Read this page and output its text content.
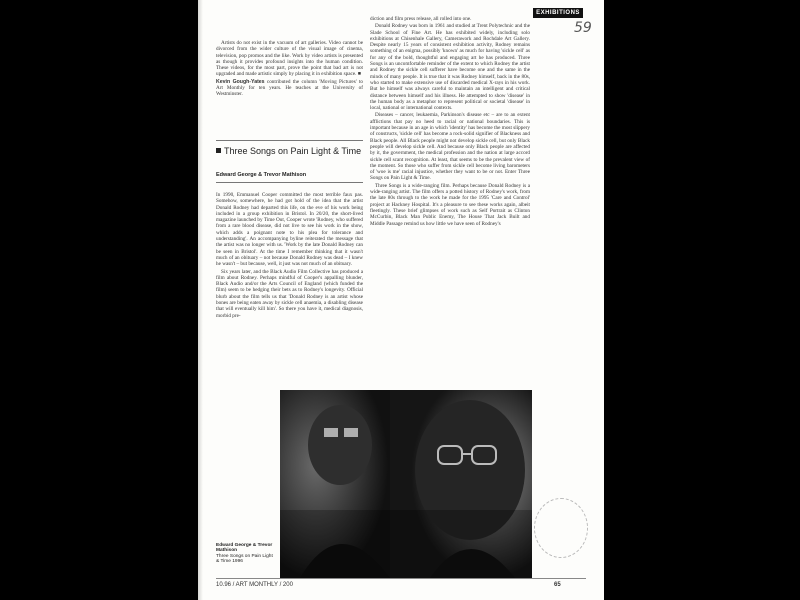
EXHIBITIONS
59

Artists do not exist in the vacuum of art galleries. Video cannot be divorced from the wider culture of the visual image of cinema, television, pop promos and the like. Work by video artists is presented as though it provides profound insights into the human condition. These videos, for the most part, prove the point that bad art is not upgraded and made artistic simply by placing it in exhibition space. ■

Kevin Gough-Yates contributed the column 'Moving Pictures' to Art Monthly for ten years. He teaches at the University of Westminster.

Three Songs on Pain Light & Time
Edward George & Trevor Mathison

In 1990, Emmanuel Cooper committed the most terrible faux pas. Somehow, somewhere, he had got hold of the idea that the artist Donald Rodney had departed this life, on the eve of his work being included in a group exhibition in Bristol. In 20/20, the short-lived magazine launched by Time Out, Cooper wrote 'Rodney, who suffered from a rare blood disease, did not live to see his work in the show, which adds a poignant note to his plea for tolerance and understanding'. An accompanying byline reiterated the message that the artist was no longer with us. 'Work by the late Donald Rodney can be seen in Bristol'. At the time I remember thinking that it wasn't much of an obituary – not because Donald Rodney was dead – I knew he wasn't – but because, well, it just was not much of an obituary.

Six years later, and the Black Audio Film Collective has produced a film about Rodney. Perhaps mindful of Cooper's appalling blunder, Black Audio and/or the Arts Council of England (which funded the film) seem to be hedging their bets as to Rodney's longevity. Official blurb about the film tells us that 'Donald Rodney is an artist whose bones are being eaten away by sickle cell anaemia, a disabling disease that will eventually kill him'. So there you have it, medical diagnosis, morbid pre-

diction and film press release, all rolled into one.

Donald Rodney was born in 1961 and studied at Trent Polytechnic and the Slade School of Fine Art. He has exhibited widely, including solo exhibitions at Chisenhale Gallery, Camerawork and Rochdale Art Gallery. Despite nearly 15 years of consistent exhibition activity, Rodney remains something of an enigma, possibly 'known' as much for having 'sickle cell' as for any of the bold, thoughtful and engaging art he has produced. Three Songs is an uncomfortable reminder of the extent to which Rodney the artist and Rodney the sickle cell sufferer have become one and the same in the minds of many people. It is true that it was Rodney himself, back in the 80s, who started to make extensive use of discarded medical X-rays in his work. But he himself was always careful to maintain an intelligent and critical distance between himself and his illness. He attempted to show 'disease' in the human body as a metaphor to represent political or societal 'disease' in local, national or international contexts.

Diseases – cancer, leukaemia, Parkinson's disease etc – are to an extent afflictions that pay no heed to racial or national boundaries. This is important because in an age in which 'identity' has become the most slippery of constructs, 'sickle cell' has become a rock-solid signifier of Blackness and Black people. All Black people might not develop sickle cell, but only Black people will develop sickle cell. And because only Black people are affected by it, the government, the medical profession and the nation at large accord sickle cell scant recognition. At least, that seems to be the prevalent view of the moment. So those who suffer from sickle cell become living barometers of 'woe is me' racial injustice, whether they want to be or not. Enter Three Songs on Pain Light & Time.

Three Songs is a wide-ranging film. Perhaps because Donald Rodney is a wide-ranging artist. The film offers a potted history of Rodney's work, from the late 80s through to the work he made for the 1995 'Care and Control' project at Hackney Hospital. It's a pleasure to see these works again, albeit fleetingly. These brief glimpses of work such as Self Portrait as Clinton McCurbin, Black Man Public Enemy, The House That Jack Built and Middle Passage remind us how little we have seen of Rodney's

Edward George & Trevor Mathison
Three Songs on Pain Light & Time 1996
10.96 / ART MONTHLY / 200	65
